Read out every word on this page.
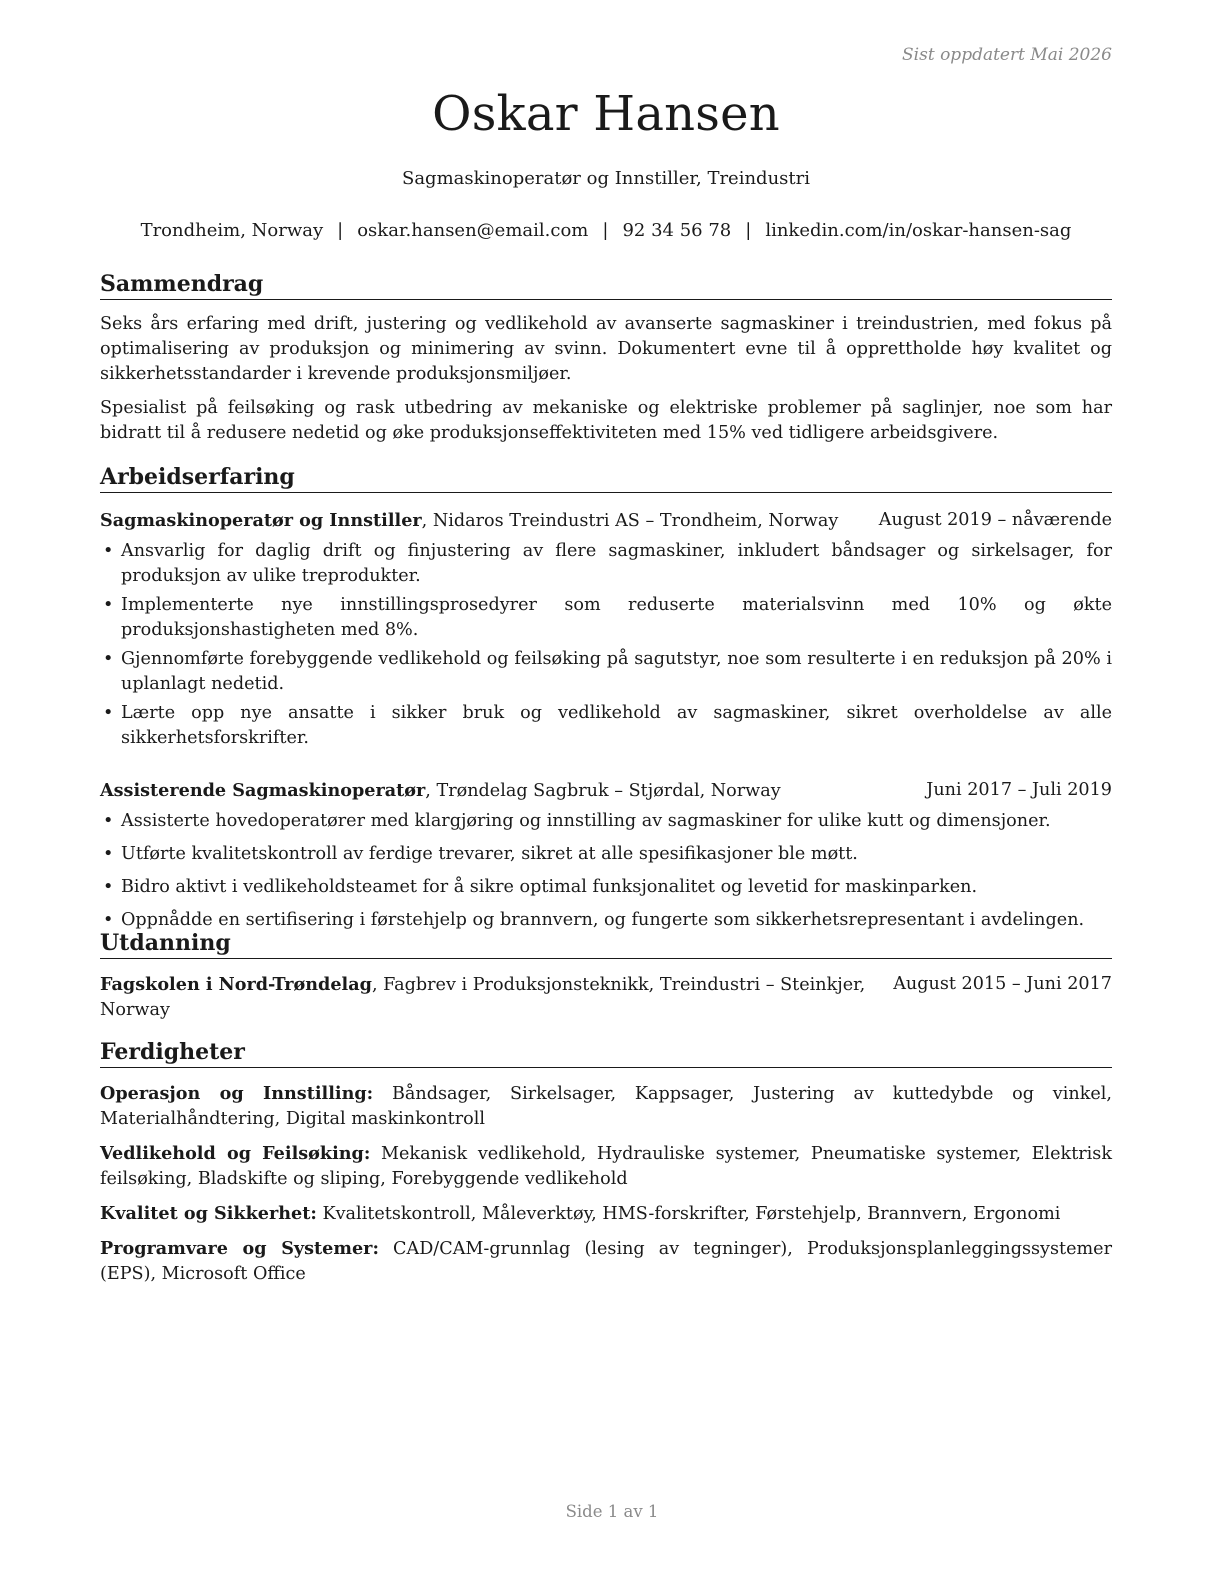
Sist oppdatert Mai 2026
Oskar Hansen
Sagmaskinoperatør og Innstiller, Treindustri
Trondheim, Norway | oskar.hansen@email.com | 92 34 56 78 | linkedin.com/in/oskar-hansen-sag
Sammendrag

Seks års erfaring med drift, justering og vedlikehold av avanserte sagmaskiner i treindustrien, med fokus på optimalisering av produksjon og minimering av svinn. Dokumentert evne til å opprettholde høy kvalitet og sikkerhetsstandarder i krevende produksjonsmiljøer.

Spesialist på feilsøking og rask utbedring av mekaniske og elektriske problemer på saglinjer, noe som har bidratt til å redusere nedetid og øke produksjonseffektiviteten med 15% ved tidligere arbeidsgivere.

Arbeidserfaring
Sagmaskinoperatør og Innstiller, Nidaros Treindustri AS – Trondheim, Norway	August 2019 – nåværende
• Ansvarlig for daglig drift og finjustering av flere sagmaskiner, inkludert båndsager og sirkelsager, for produksjon av ulike treprodukter.
• Implementerte nye innstillingsprosedyrer som reduserte materialsvinn med 10% og økte produksjonshastigheten med 8%.
• Gjennomførte forebyggende vedlikehold og feilsøking på sagutstyr, noe som resulterte i en reduksjon på 20% i uplanlagt nedetid.
• Lærte opp nye ansatte i sikker bruk og vedlikehold av sagmaskiner, sikret overholdelse av alle sikkerhetsforskrifter.
Assisterende Sagmaskinoperatør, Trøndelag Sagbruk – Stjørdal, Norway	Juni 2017 – Juli 2019
• Assisterte hovedoperatører med klargjøring og innstilling av sagmaskiner for ulike kutt og dimensjoner.
• Utførte kvalitetskontroll av ferdige trevarer, sikret at alle spesifikasjoner ble møtt.
• Bidro aktivt i vedlikeholdsteamet for å sikre optimal funksjonalitet og levetid for maskinparken.
• Oppnådde en sertifisering i førstehjelp og brannvern, og fungerte som sikkerhetsrepresentant i avdelingen.
Utdanning
Fagskolen i Nord-Trøndelag, Fagbrev i Produksjonsteknikk, Treindustri – Steinkjer, Norway
August 2015 – Juni 2017
Ferdigheter

Operasjon og Innstilling: Båndsager, Sirkelsager, Kappsager, Justering av kuttedybde og vinkel, Materialhåndtering, Digital maskinkontroll

Vedlikehold og Feilsøking: Mekanisk vedlikehold, Hydrauliske systemer, Pneumatiske systemer, Elektrisk feilsøking, Bladskifte og sliping, Forebyggende vedlikehold

Kvalitet og Sikkerhet: Kvalitetskontroll, Måleverktøy, HMS-forskrifter, Førstehjelp, Brannvern, Ergonomi

Programvare og Systemer: CAD/CAM-grunnlag (lesing av tegninger), Produksjonsplanleggingssystemer (EPS), Microsoft Office

Side 1 av 1
